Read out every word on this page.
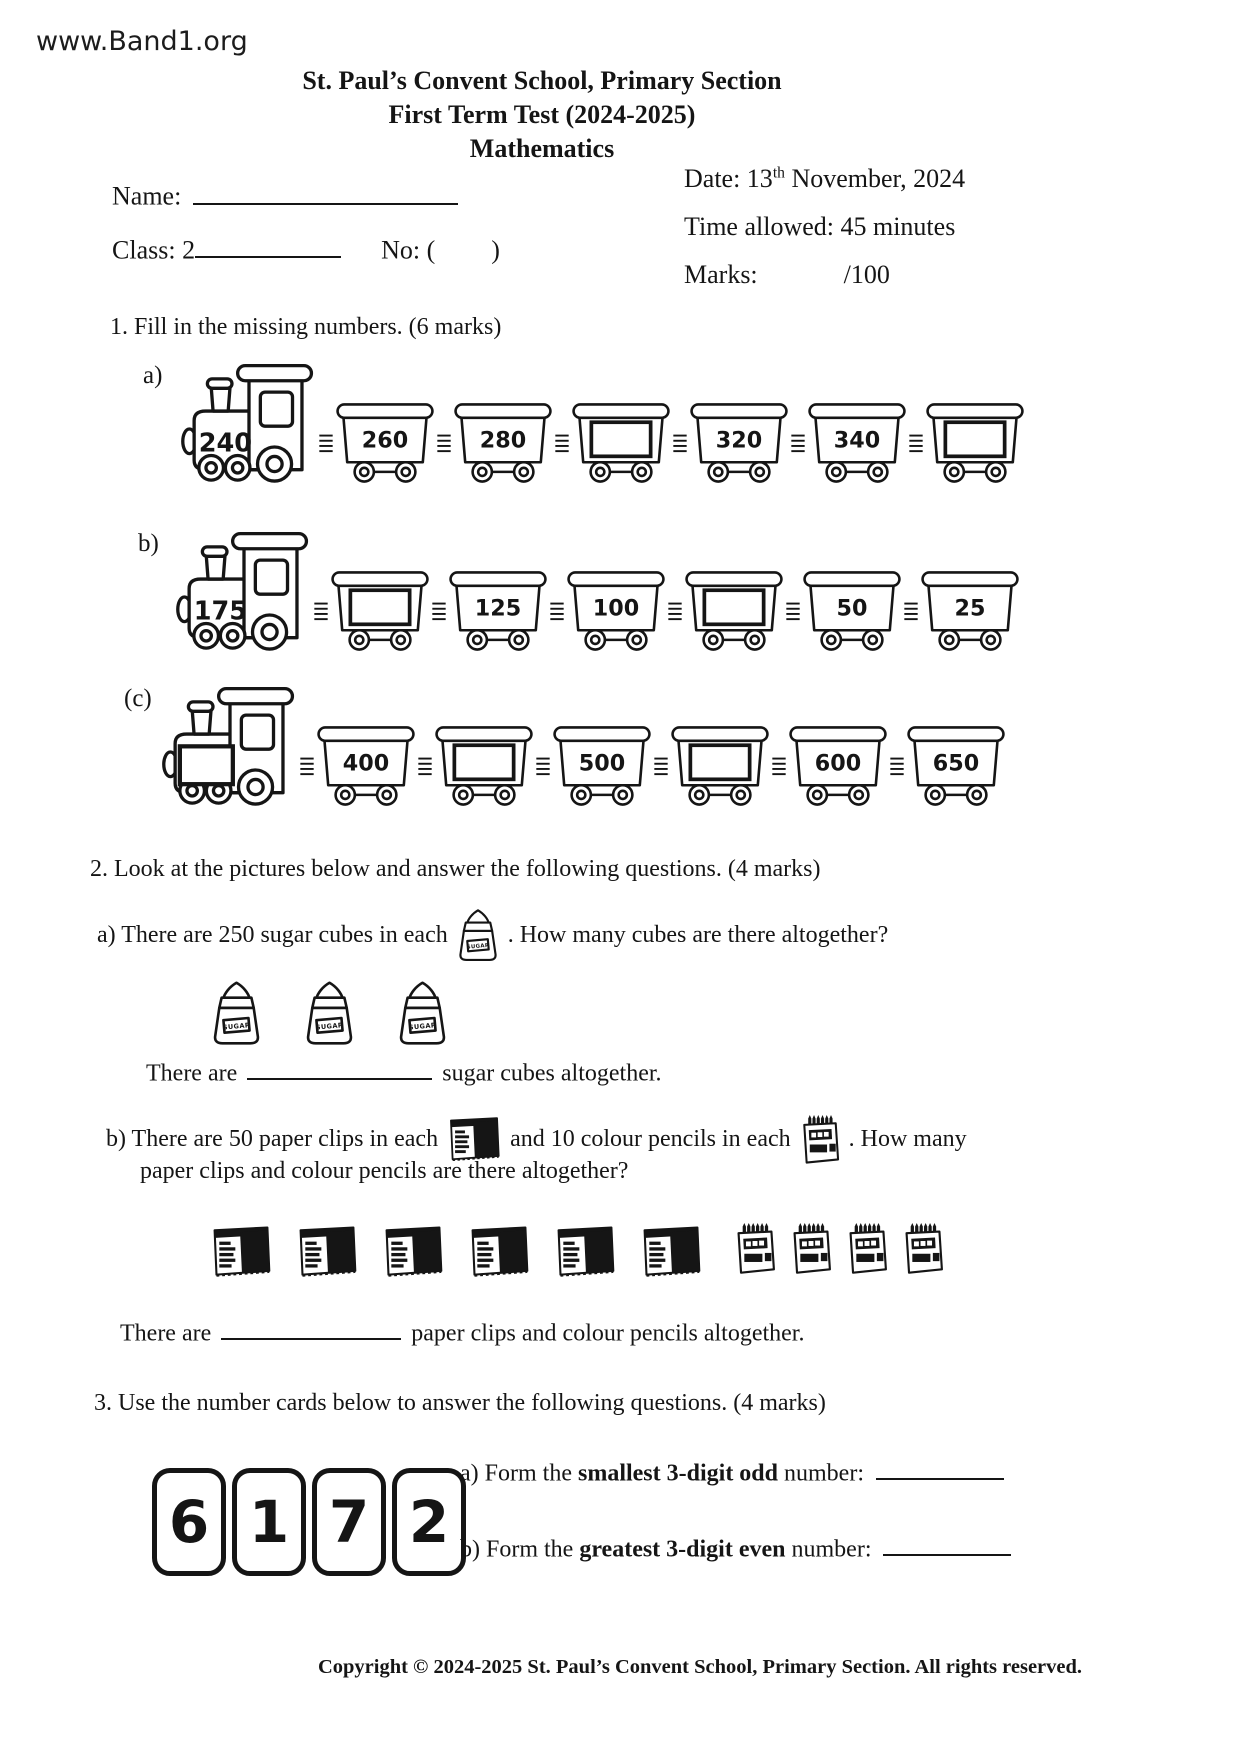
www.Band1.org
St. Paul’s Convent School, Primary Section
First Term Test (2024-2025)
Mathematics
Name:
Class: 2	No: ( )
Date: 13th November, 2024
Time allowed: 45 minutes
Marks:	/100
1. Fill in the missing numbers. (6 marks)
a)
240	260 280	320 340
b)
175	125 100	50	25
(c)
400	500	600 650
2. Look at the pictures below and answer the following questions. (4 marks)
a) There are 250 sugar cubes in each	SUGAR . How many cubes are there altogether?
SUGAR	SUGAR	SUGAR
There are	sugar cubes altogether.
b) There are 50 paper clips in each	and 10 colour pencils in each . How many
paper clips and colour pencils are there altogether?
There are	paper clips and colour pencils altogether.
3. Use the number cards below to answer the following questions. (4 marks)
6 1 7 2
a) Form the smallest 3-digit odd number:
b) Form the greatest 3-digit even number:
Copyright © 2024-2025 St. Paul’s Convent School, Primary Section. All rights reserved.
